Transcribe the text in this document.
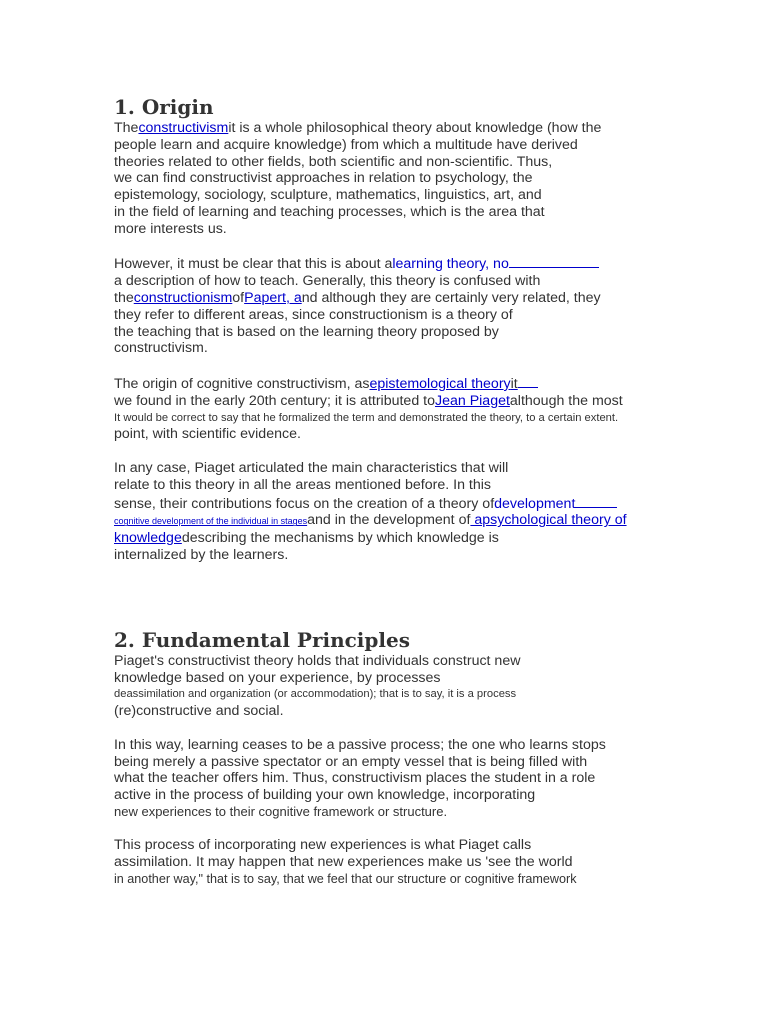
1. Origin
Theconstructivismit is a whole philosophical theory about knowledge (how the
people learn and acquire knowledge) from which a multitude have derived
theories related to other fields, both scientific and non-scientific. Thus,
we can find constructivist approaches in relation to psychology, the
epistemology, sociology, sculpture, mathematics, linguistics, art, and
in the field of learning and teaching processes, which is the area that
more interests us.
However, it must be clear that this is about alearning theory, no
a description of how to teach. Generally, this theory is confused with
theconstructionismofPapert, and although they are certainly very related, they
they refer to different areas, since constructionism is a theory of
the teaching that is based on the learning theory proposed by
constructivism.
The origin of cognitive constructivism, asepistemological theoryit
we found in the early 20th century; it is attributed toJean Piagetalthough the most
It would be correct to say that he formalized the term and demonstrated the theory, to a certain extent.
point, with scientific evidence.
In any case, Piaget articulated the main characteristics that will
relate to this theory in all the areas mentioned before. In this
sense, their contributions focus on the creation of a theory ofdevelopment
cognitive development of the individual in stagesand in the development of apsychological theory of
knowledgedescribing the mechanisms by which knowledge is
internalized by the learners.
2. Fundamental Principles
Piaget's constructivist theory holds that individuals construct new
knowledge based on your experience, by processes
deassimilation and organization (or accommodation); that is to say, it is a process
(re)constructive and social.
In this way, learning ceases to be a passive process; the one who learns stops
being merely a passive spectator or an empty vessel that is being filled with
what the teacher offers him. Thus, constructivism places the student in a role
active in the process of building your own knowledge, incorporating
new experiences to their cognitive framework or structure.
This process of incorporating new experiences is what Piaget calls
assimilation. It may happen that new experiences make us 'see the world
in another way," that is to say, that we feel that our structure or cognitive framework
